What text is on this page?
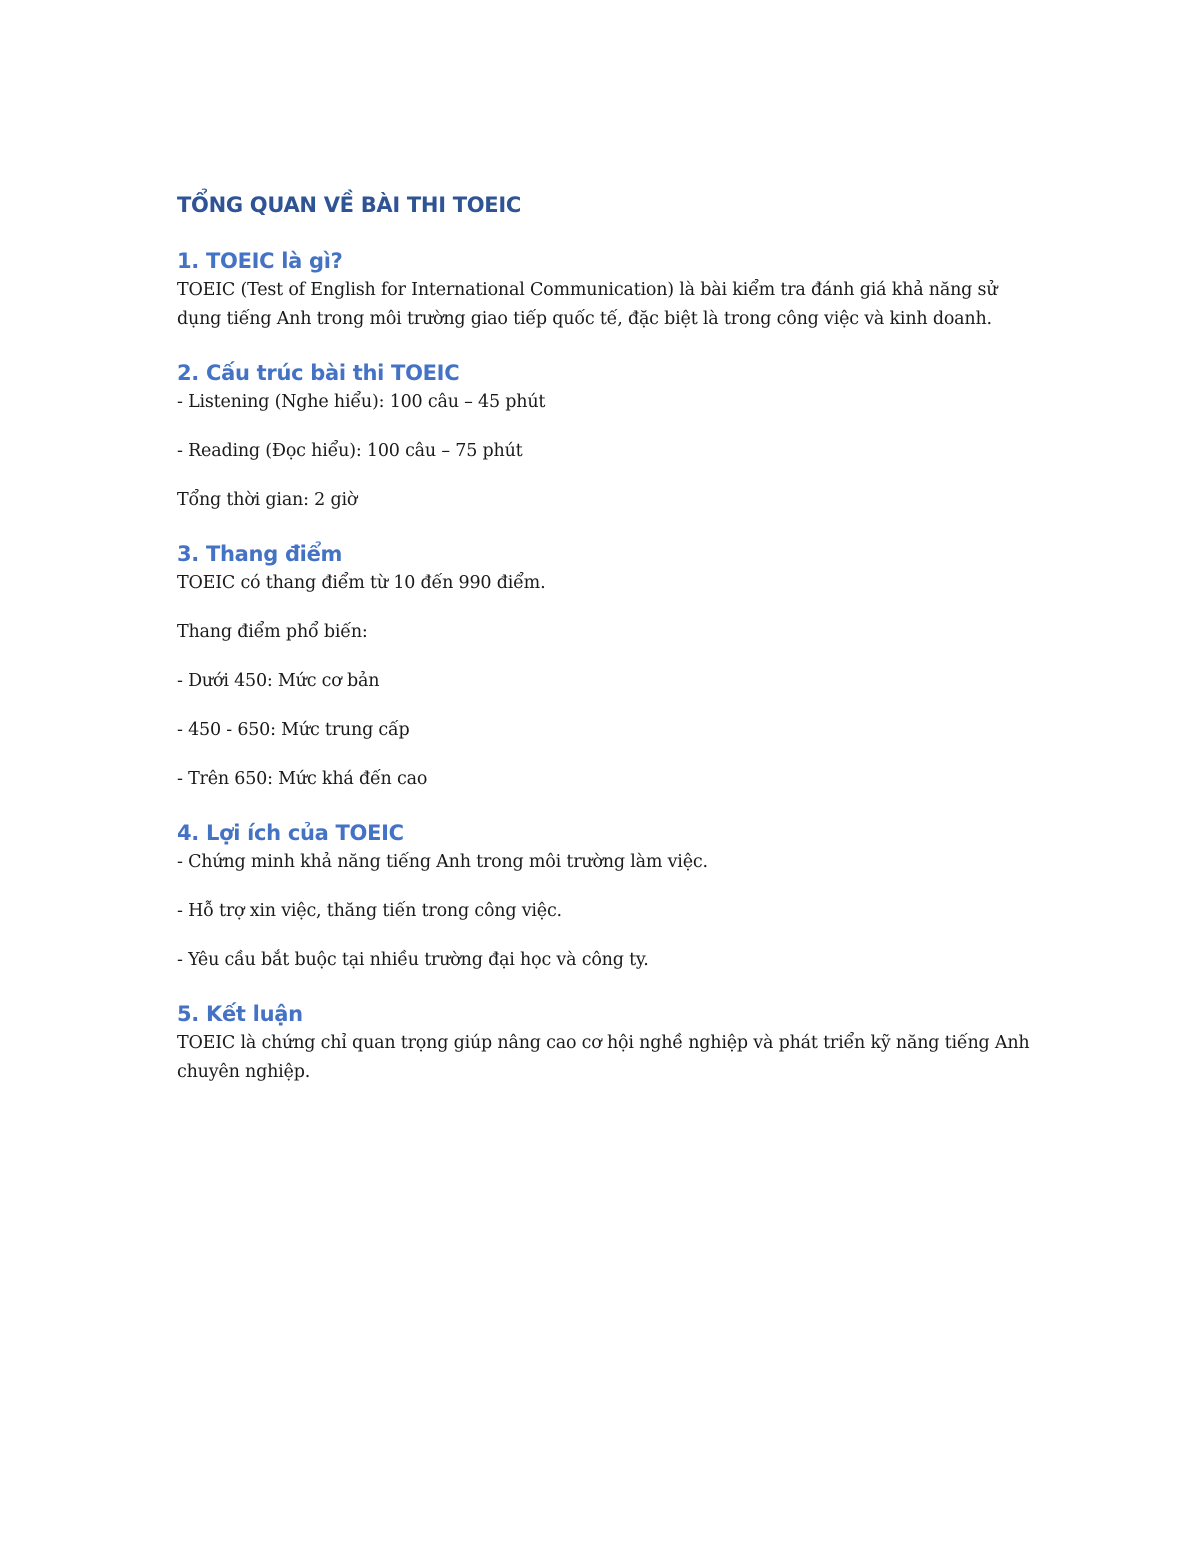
TỔNG QUAN VỀ BÀI THI TOEIC
1. TOEIC là gì?

TOEIC (Test of English for International Communication) là bài kiểm tra đánh giá khả năng sử dụng tiếng Anh trong môi trường giao tiếp quốc tế, đặc biệt là trong công việc và kinh doanh.

2. Cấu trúc bài thi TOEIC

- Listening (Nghe hiểu): 100 câu – 45 phút

- Reading (Đọc hiểu): 100 câu – 75 phút

Tổng thời gian: 2 giờ

3. Thang điểm

TOEIC có thang điểm từ 10 đến 990 điểm.

Thang điểm phổ biến:

- Dưới 450: Mức cơ bản

- 450 - 650: Mức trung cấp

- Trên 650: Mức khá đến cao

4. Lợi ích của TOEIC

- Chứng minh khả năng tiếng Anh trong môi trường làm việc.

- Hỗ trợ xin việc, thăng tiến trong công việc.

- Yêu cầu bắt buộc tại nhiều trường đại học và công ty.

5. Kết luận

TOEIC là chứng chỉ quan trọng giúp nâng cao cơ hội nghề nghiệp và phát triển kỹ năng tiếng Anh chuyên nghiệp.
